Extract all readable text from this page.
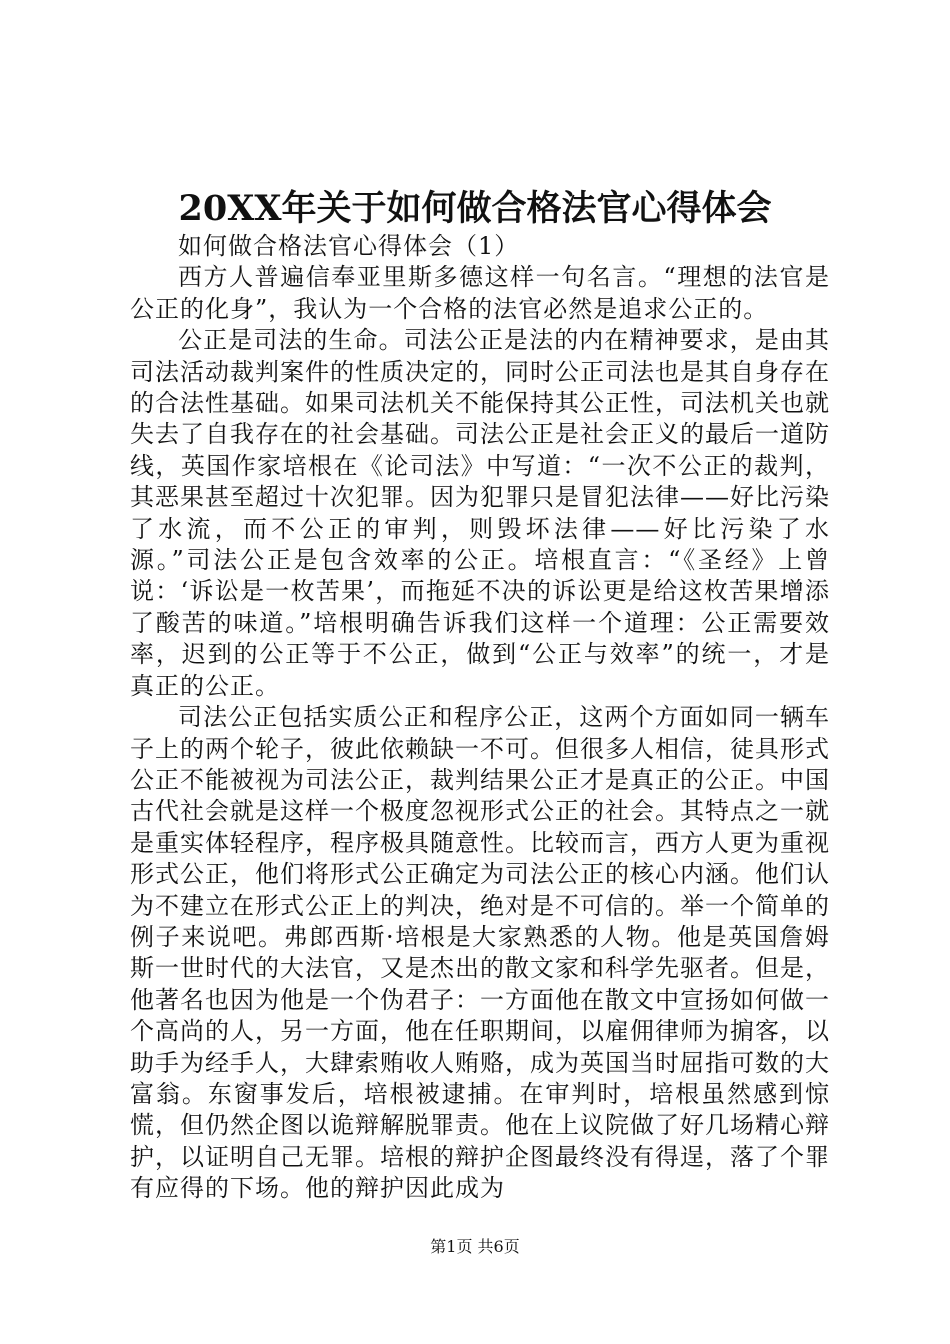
20XX年关于如何做合格法官心得体会

如何做合格法官心得体会（1）

西方人普遍信奉亚里斯多德这样一句名言。“理想的法官是公正的化身”，我认为一个合格的法官必然是追求公正的。

公正是司法的生命。司法公正是法的内在精神要求，是由其司法活动裁判案件的性质决定的，同时公正司法也是其自身存在的合法性基础。如果司法机关不能保持其公正性，司法机关也就失去了自我存在的社会基础。司法公正是社会正义的最后一道防线，英国作家培根在《论司法》中写道：“一次不公正的裁判，其恶果甚至超过十次犯罪。因为犯罪只是冒犯法律——好比污染了水流，而不公正的审判，则毁坏法律——好比污染了水源。”司法公正是包含效率的公正。培根直言：“《圣经》上曾说：‘诉讼是一枚苦果’，而拖延不决的诉讼更是给这枚苦果增添了酸苦的味道。”培根明确告诉我们这样一个道理：公正需要效率，迟到的公正等于不公正，做到“公正与效率”的统一，才是真正的公正。

司法公正包括实质公正和程序公正，这两个方面如同一辆车子上的两个轮子，彼此依赖缺一不可。但很多人相信，徒具形式公正不能被视为司法公正，裁判结果公正才是真正的公正。中国古代社会就是这样一个极度忽视形式公正的社会。其特点之一就是重实体轻程序，程序极具随意性。比较而言，西方人更为重视形式公正，他们将形式公正确定为司法公正的核心内涵。他们认为不建立在形式公正上的判决，绝对是不可信的。举一个简单的例子来说吧。弗郎西斯·培根是大家熟悉的人物。他是英国詹姆斯一世时代的大法官，又是杰出的散文家和科学先驱者。但是，他著名也因为他是一个伪君子：一方面他在散文中宣扬如何做一个高尚的人，另一方面，他在任职期间，以雇佣律师为掮客，以助手为经手人，大肆索贿收人贿赂，成为英国当时屈指可数的大富翁。东窗事发后，培根被逮捕。在审判时，培根虽然感到惊慌，但仍然企图以诡辩解脱罪责。他在上议院做了好几场精心辩护，以证明自己无罪。培根的辩护企图最终没有得逞，落了个罪有应得的下场。他的辩护因此成为

第1页 共6页
